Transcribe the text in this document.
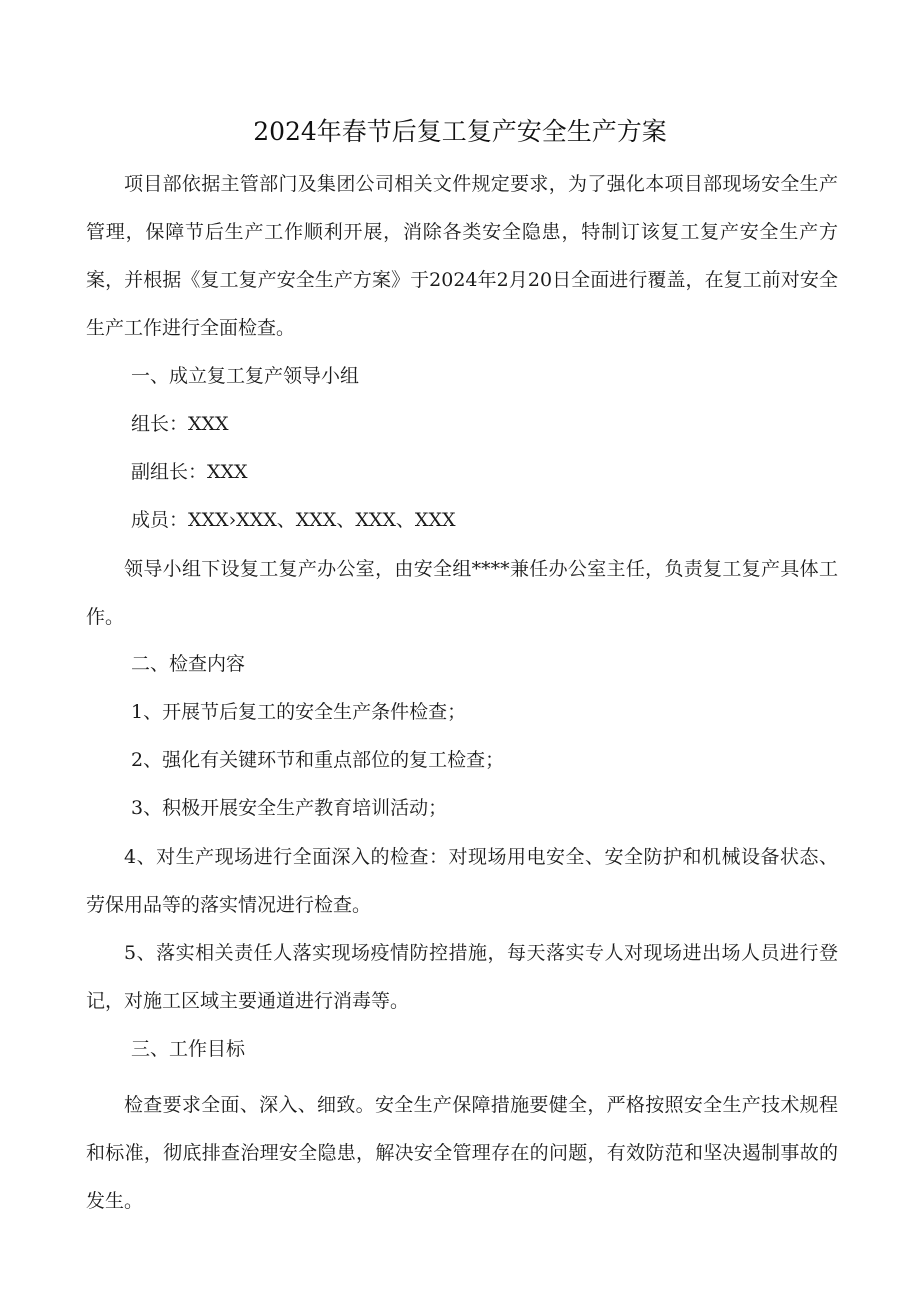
2024年春节后复工复产安全生产方案

项目部依据主管部门及集团公司相关文件规定要求，为了强化本项目部现场安全生产管理，保障节后生产工作顺利开展，消除各类安全隐患，特制订该复工复产安全生产方案，并根据《复工复产安全生产方案》于2024年2月20日全面进行覆盖，在复工前对安全生产工作进行全面检查。

一、成立复工复产领导小组

组长：XXX

副组长：XXX

成员：XXX›XXX、XXX、XXX、XXX

领导小组下设复工复产办公室，由安全组****兼任办公室主任，负责复工复产具体工作。

二、检查内容

1、开展节后复工的安全生产条件检查；

2、强化有关键环节和重点部位的复工检查；

3、积极开展安全生产教育培训活动；

4、对生产现场进行全面深入的检查：对现场用电安全、安全防护和机械设备状态、劳保用品等的落实情况进行检查。

5、落实相关责任人落实现场疫情防控措施，每天落实专人对现场进出场人员进行登记，对施工区域主要通道进行消毒等。

三、工作目标

检查要求全面、深入、细致。安全生产保障措施要健全，严格按照安全生产技术规程和标准，彻底排查治理安全隐患，解决安全管理存在的问题，有效防范和坚决遏制事故的发生。
